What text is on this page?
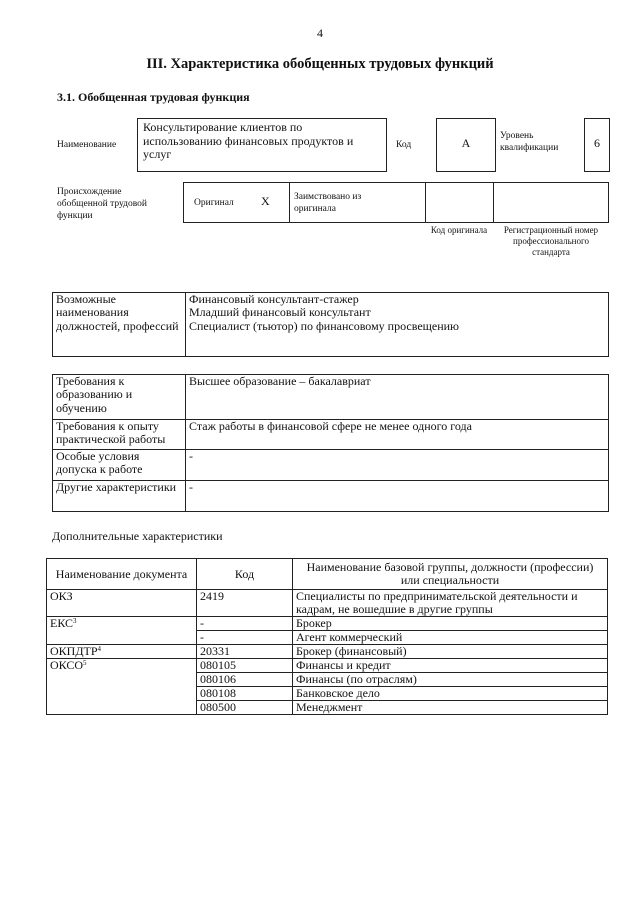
4
III. Характеристика обобщенных трудовых функций
3.1. Обобщенная трудовая функция
Наименование
Консультирование клиентов по использованию финансовых продуктов и услуг
Код	А	Уровень квалификации	6
Происхождение обобщенной трудовой функции
Оригинал Х	Заимствовано из оригинала
Код оригинала	Регистрационный номер профессионального стандарта
Возможные наименования должностей, профессий	
Финансовый консультант-стажер
Младший финансовый консультант
Специалист (тьютор) по финансовому просвещению
Требования к образованию и обучению	Высшее образование – бакалавриат
Требования к опыту практической работы	Стаж работы в финансовой сфере не менее одного года
Особые условия допуска к работе	-
Другие характеристики	-
Дополнительные характеристики
Наименование документа	Код	Наименование базовой группы, должности (профессии) или специальности
ОКЗ	2419	Специалисты по предпринимательской деятельности и кадрам, не вошедшие в другие группы
ЕКС$^3$	-	Брокер
	-	Агент коммерческий
ОКПДТР$^4$	20331	Брокер (финансовый)
ОКСО$^5$	080105	Финансы и кредит
	080106	Финансы (по отраслям)
	080108	Банковское дело
	080500	Менеджмент
